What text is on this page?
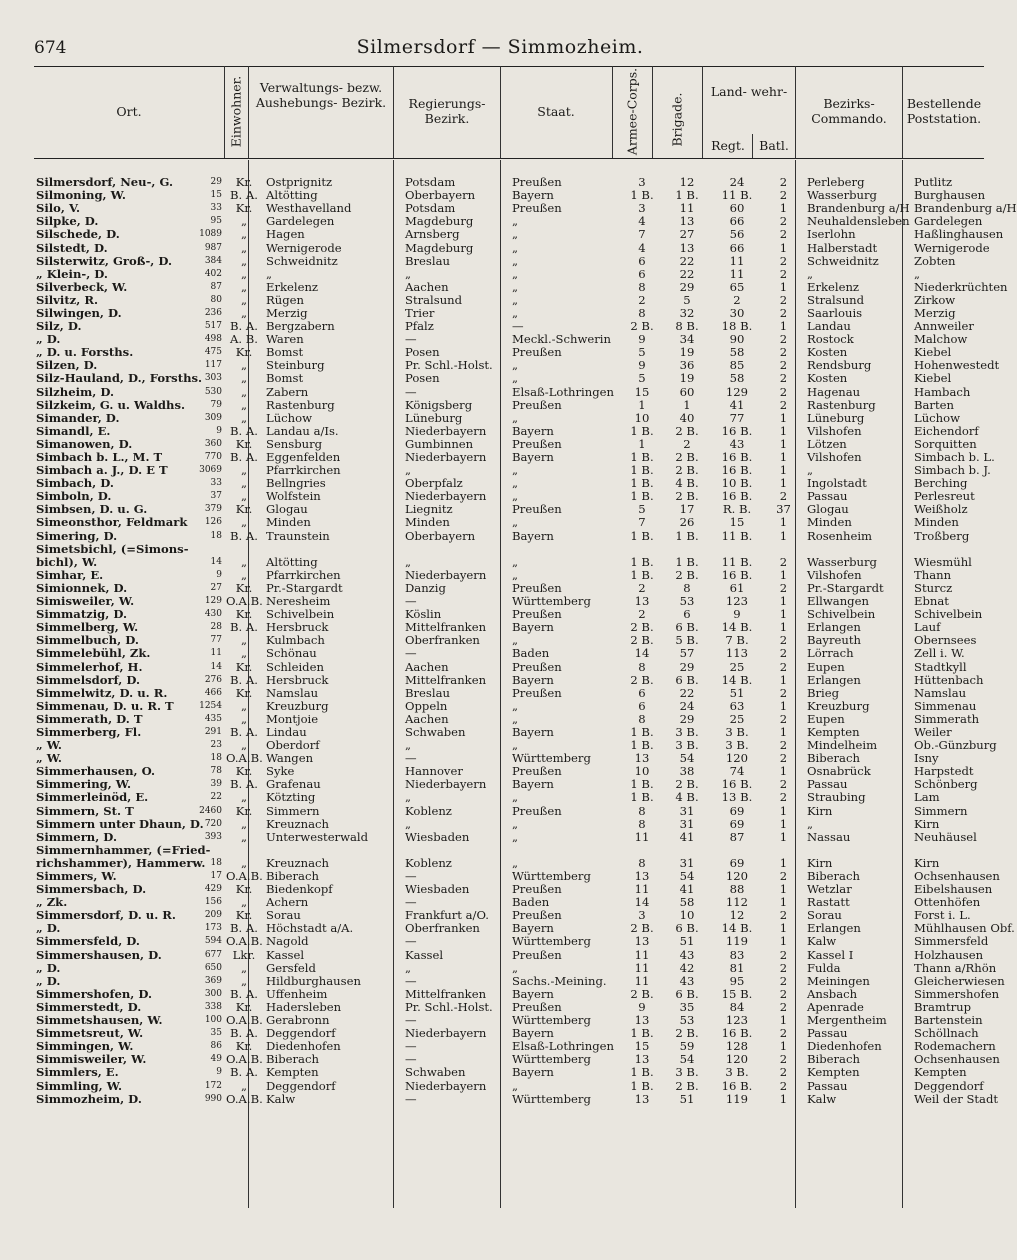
674	Silmersdorf — Simmozheim.
Ort.	Einwohner.	Verwaltungs- bezw. Aushebungs- Bezirk.	Regierungs- Bezirk.	Staat.	Armee-Corps. Brigade.
Land- wehr-
Regt.	Batl.
Bezirks- Commando.
Bestellende Poststation.
Silmersdorf, Neu-, G.	29	Kr.	Ostprignitz	Potsdam	Preußen	3	12	24	2	Perleberg	Putlitz
Silmoning, W.	15	B. A.	Altötting	Oberbayern	Bayern	1 B.	1 B.	11 B.	2	Wasserburg	Burghausen
Silo, V.	33	Kr.	Westhavelland	Potsdam	Preußen	3	11	60	1	Brandenburg a/H	Brandenburg a/H
Silpke, D.	95	„	Gardelegen	Magdeburg	„	4	13	66	2	Neuhaldensleben	Gardelegen
Silschede, D.	1089	„	Hagen	Arnsberg	„	7	27	56	2	Iserlohn	Haßlinghausen
Silstedt, D.	987	„	Wernigerode	Magdeburg	„	4	13	66	1	Halberstadt	Wernigerode
Silsterwitz, Groß-, D.	384	„	Schweidnitz	Breslau	„	6	22	11	2	Schweidnitz	Zobten
„ Klein-, D.	402	„	„	„	„	6	22	11	2	„	„
Silverbeck, W.	87	„	Erkelenz	Aachen	„	8	29	65	1	Erkelenz	Niederkrüchten
Silvitz, R.	80	„	Rügen	Stralsund	„	2	5	2	2	Stralsund	Zirkow
Silwingen, D.	236	„	Merzig	Trier	„	8	32	30	2	Saarlouis	Merzig
Silz, D.	517	B. A.	Bergzabern	Pfalz	—	2 B.	8 B.	18 B.	1	Landau	Annweiler
„ D.	498	A. B.	Waren	—	Meckl.-Schwerin	9	34	90	2	Rostock	Malchow
„ D. u. Forsths.	475	Kr.	Bomst	Posen	Preußen	5	19	58	2	Kosten	Kiebel
Silzen, D.	117	„	Steinburg	Pr. Schl.-Holst.	„	9	36	85	2	Rendsburg	Hohenwestedt
Silz-Hauland, D., Forsths.	303	„	Bomst	Posen	„	5	19	58	2	Kosten	Kiebel
Silzheim, D.	530	„	Zabern	—	Elsaß-Lothringen	15	60	129	2	Hagenau	Hambach
Silzkeim, G. u. Waldhs.	79	„	Rastenburg	Königsberg	Preußen	1	1	41	2	Rastenburg	Barten
Simander, D.	309	„	Lüchow	Lüneburg	„	10	40	77	1	Lüneburg	Lüchow
Simandl, E.	9	B. A.	Landau a/Is.	Niederbayern	Bayern	1 B.	2 B.	16 B.	1	Vilshofen	Eichendorf
Simanowen, D.	360	Kr.	Sensburg	Gumbinnen	Preußen	1	2	43	1	Lötzen	Sorquitten
Simbach b. L., M. T	770	B. A.	Eggenfelden	Niederbayern	Bayern	1 B.	2 B.	16 B.	1	Vilshofen	Simbach b. L.
Simbach a. J., D. E T	3069	„	Pfarrkirchen	„	„	1 B.	2 B.	16 B.	1	„	Simbach b. J.
Simbach, D.	33	„	Bellngries	Oberpfalz	„	1 B.	4 B.	10 B.	1	Ingolstadt	Berching
Simboln, D.	37	„	Wolfstein	Niederbayern	„	1 B.	2 B.	16 B.	2	Passau	Perlesreut
Simbsen, D. u. G.	379	Kr.	Glogau	Liegnitz	Preußen	5	17	R. B.	37	Glogau	Weißholz
Simeonsthor, Feldmark	126	„	Minden	Minden	„	7	26	15	1	Minden	Minden
Simering, D.	18	B. A.	Traunstein	Oberbayern	Bayern	1 B.	1 B.	11 B.	1	Rosenheim	Troßberg
Simetsbichl, (=Simons-											
bichl), W.	14	„	Altötting	„	„	1 B.	1 B.	11 B.	2	Wasserburg	Wiesmühl
Simhar, E.	9	„	Pfarrkirchen	Niederbayern	„	1 B.	2 B.	16 B.	1	Vilshofen	Thann
Simionnek, D.	27	Kr.	Pr.-Stargardt	Danzig	Preußen	2	8	61	2	Pr.-Stargardt	Sturcz
Simisweiler, W.	129	O.A.B.	Neresheim	—	Württemberg	13	53	123	1	Ellwangen	Ebnat
Simmatzig, D.	430	Kr.	Schivelbein	Köslin	Preußen	2	6	9	1	Schivelbein	Schivelbein
Simmelberg, W.	28	B. A.	Hersbruck	Mittelfranken	Bayern	2 B.	6 B.	14 B.	1	Erlangen	Lauf
Simmelbuch, D.	77	„	Kulmbach	Oberfranken	„	2 B.	5 B.	7 B.	2	Bayreuth	Obernsees
Simmelebühl, Zk.	11	„	Schönau	—	Baden	14	57	113	2	Lörrach	Zell i. W.
Simmelerhof, H.	14	Kr.	Schleiden	Aachen	Preußen	8	29	25	2	Eupen	Stadtkyll
Simmelsdorf, D.	276	B. A.	Hersbruck	Mittelfranken	Bayern	2 B.	6 B.	14 B.	1	Erlangen	Hüttenbach
Simmelwitz, D. u. R.	466	Kr.	Namslau	Breslau	Preußen	6	22	51	2	Brieg	Namslau
Simmenau, D. u. R. T	1254	„	Kreuzburg	Oppeln	„	6	24	63	1	Kreuzburg	Simmenau
Simmerath, D. T	435	„	Montjoie	Aachen	„	8	29	25	2	Eupen	Simmerath
Simmerberg, Fl.	291	B. A.	Lindau	Schwaben	Bayern	1 B.	3 B.	3 B.	1	Kempten	Weiler
„ W.	23	„	Oberdorf	„	„	1 B.	3 B.	3 B.	2	Mindelheim	Ob.-Günzburg
„ W.	18	O.A.B.	Wangen	—	Württemberg	13	54	120	2	Biberach	Isny
Simmerhausen, O.	78	Kr.	Syke	Hannover	Preußen	10	38	74	1	Osnabrück	Harpstedt
Simmering, W.	39	B. A.	Grafenau	Niederbayern	Bayern	1 B.	2 B.	16 B.	2	Passau	Schönberg
Simmerleinöd, E.	22	„	Kötzting	„	„	1 B.	4 B.	13 B.	2	Straubing	Lam
Simmern, St. T	2460	Kr.	Simmern	Koblenz	Preußen	8	31	69	1	Kirn	Simmern
Simmern unter Dhaun, D.	720	„	Kreuznach	„	„	8	31	69	1	„	Kirn
Simmern, D.	393	„	Unterwesterwald	Wiesbaden	„	11	41	87	1	Nassau	Neuhäusel
Simmernhammer, (=Fried-											
richshammer), Hammerw.	18	„	Kreuznach	Koblenz	„	8	31	69	1	Kirn	Kirn
Simmers, W.	17	O.A.B.	Biberach	—	Württemberg	13	54	120	2	Biberach	Ochsenhausen
Simmersbach, D.	429	Kr.	Biedenkopf	Wiesbaden	Preußen	11	41	88	1	Wetzlar	Eibelshausen
„ Zk.	156	„	Achern	—	Baden	14	58	112	1	Rastatt	Ottenhöfen
Simmersdorf, D. u. R.	209	Kr.	Sorau	Frankfurt a/O.	Preußen	3	10	12	2	Sorau	Forst i. L.
„ D.	173	B. A.	Höchstadt a/A.	Oberfranken	Bayern	2 B.	6 B.	14 B.	1	Erlangen	Mühlhausen Obf.
Simmersfeld, D.	594	O.A.B.	Nagold	—	Württemberg	13	51	119	1	Kalw	Simmersfeld
Simmershausen, D.	677	Lkr.	Kassel	Kassel	Preußen	11	43	83	2	Kassel I	Holzhausen
„ D.	650	„	Gersfeld	„	„	11	42	81	2	Fulda	Thann a/Rhön
„ D.	369	„	Hildburghausen	—	Sachs.-Meining.	11	43	95	2	Meiningen	Gleicherwiesen
Simmershofen, D.	300	B. A.	Uffenheim	Mittelfranken	Bayern	2 B.	6 B.	15 B.	2	Ansbach	Simmershofen
Simmerstedt, D.	338	Kr.	Hadersleben	Pr. Schl.-Holst.	Preußen	9	35	84	2	Apenrade	Bramtrup
Simmetshausen, W.	100	O.A.B.	Gerabronn	—	Württemberg	13	53	123	1	Mergentheim	Bartenstein
Simmetsreut, W.	35	B. A.	Deggendorf	Niederbayern	Bayern	1 B.	2 B.	16 B.	2	Passau	Schöllnach
Simmingen, W.	86	Kr.	Diedenhofen	—	Elsaß-Lothringen	15	59	128	1	Diedenhofen	Rodemachern
Simmisweiler, W.	49	O.A.B.	Biberach	—	Württemberg	13	54	120	2	Biberach	Ochsenhausen
Simmlers, E.	9	B. A.	Kempten	Schwaben	Bayern	1 B.	3 B.	3 B.	2	Kempten	Kempten
Simmling, W.	172	„	Deggendorf	Niederbayern	„	1 B.	2 B.	16 B.	2	Passau	Deggendorf
Simmozheim, D.	990	O.A.B.	Kalw	—	Württemberg	13	51	119	1	Kalw	Weil der Stadt
